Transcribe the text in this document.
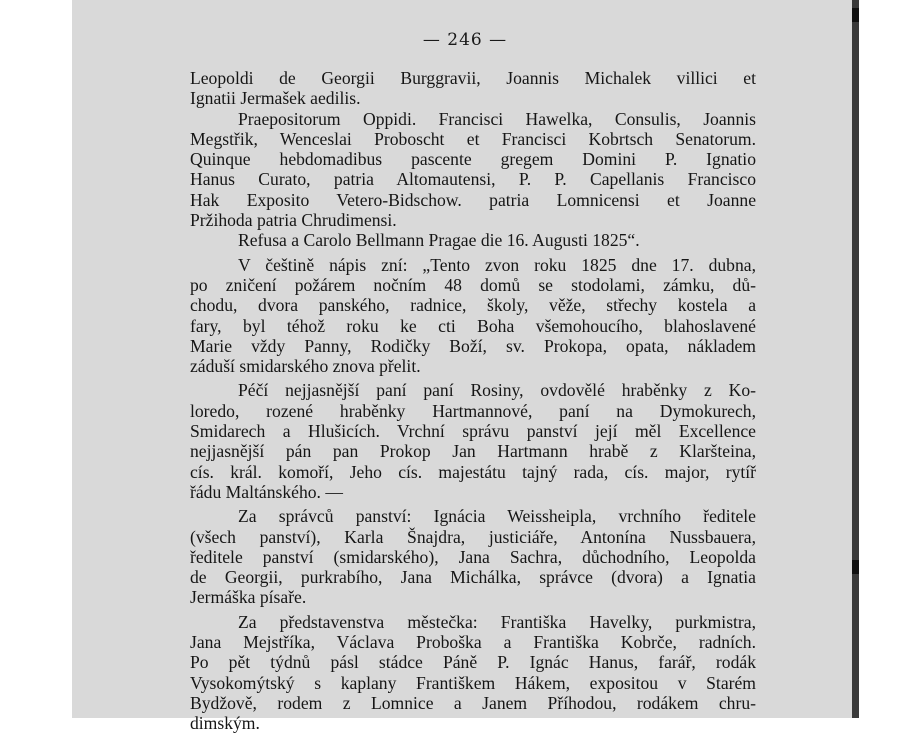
— 246 —
Leopoldi de Georgii Burggravii, Joannis Michalek villici et
Ignatii Jermašek aedilis.
Praepositorum Oppidi. Francisci Hawelka, Consulis, Joannis
Megstřik, Wenceslai Proboscht et Francisci Kobrtsch Senatorum.
Quinque hebdomadibus pascente gregem Domini P. Ignatio
Hanus Curato, patria Altomautensi, P. P. Capellanis Francisco
Hak Exposito Vetero-Bidschow. patria Lomnicensi et Joanne
Pržihoda patria Chrudimensi.
Refusa a Carolo Bellmann Pragae die 16. Augusti 1825“.
V češtině nápis zní: „Tento zvon roku 1825 dne 17. dubna,
po zničení požárem nočním 48 domů se stodolami, zámku, dů-
chodu, dvora panského, radnice, školy, věže, střechy kostela a
fary, byl téhož roku ke cti Boha všemohoucího, blahoslavené
Marie vždy Panny, Rodičky Boží, sv. Prokopa, opata, nákladem
záduší smidarského znova přelit.
Péčí nejjasnější paní paní Rosiny, ovdovělé hraběnky z Ko-
loredo, rozené hraběnky Hartmannové, paní na Dymokurech,
Smidarech a Hlušicích. Vrchní správu panství její měl Excellence
nejjasnější pán pan Prokop Jan Hartmann hrabě z Klaršteina,
cís. král. komoří, Jeho cís. majestátu tajný rada, cís. major, rytíř
řádu Maltánského. —
Za správců panství: Ignácia Weissheipla, vrchního ředitele
(všech panství), Karla Šnajdra, justiciáře, Antonína Nussbauera,
ředitele panství (smidarského), Jana Sachra, důchodního, Leopolda
de Georgii, purkrabího, Jana Michálka, správce (dvora) a Ignatia
Jermáška písaře.
Za představenstva městečka: Františka Havelky, purkmistra,
Jana Mejstříka, Václava Proboška a Františka Kobrče, radních.
Po pět týdnů pásl stádce Páně P. Ignác Hanus, farář, rodák
Vysokomýtský s kaplany Františkem Hákem, expositou v Starém
Bydžově, rodem z Lomnice a Janem Příhodou, rodákem chru-
dimským.
